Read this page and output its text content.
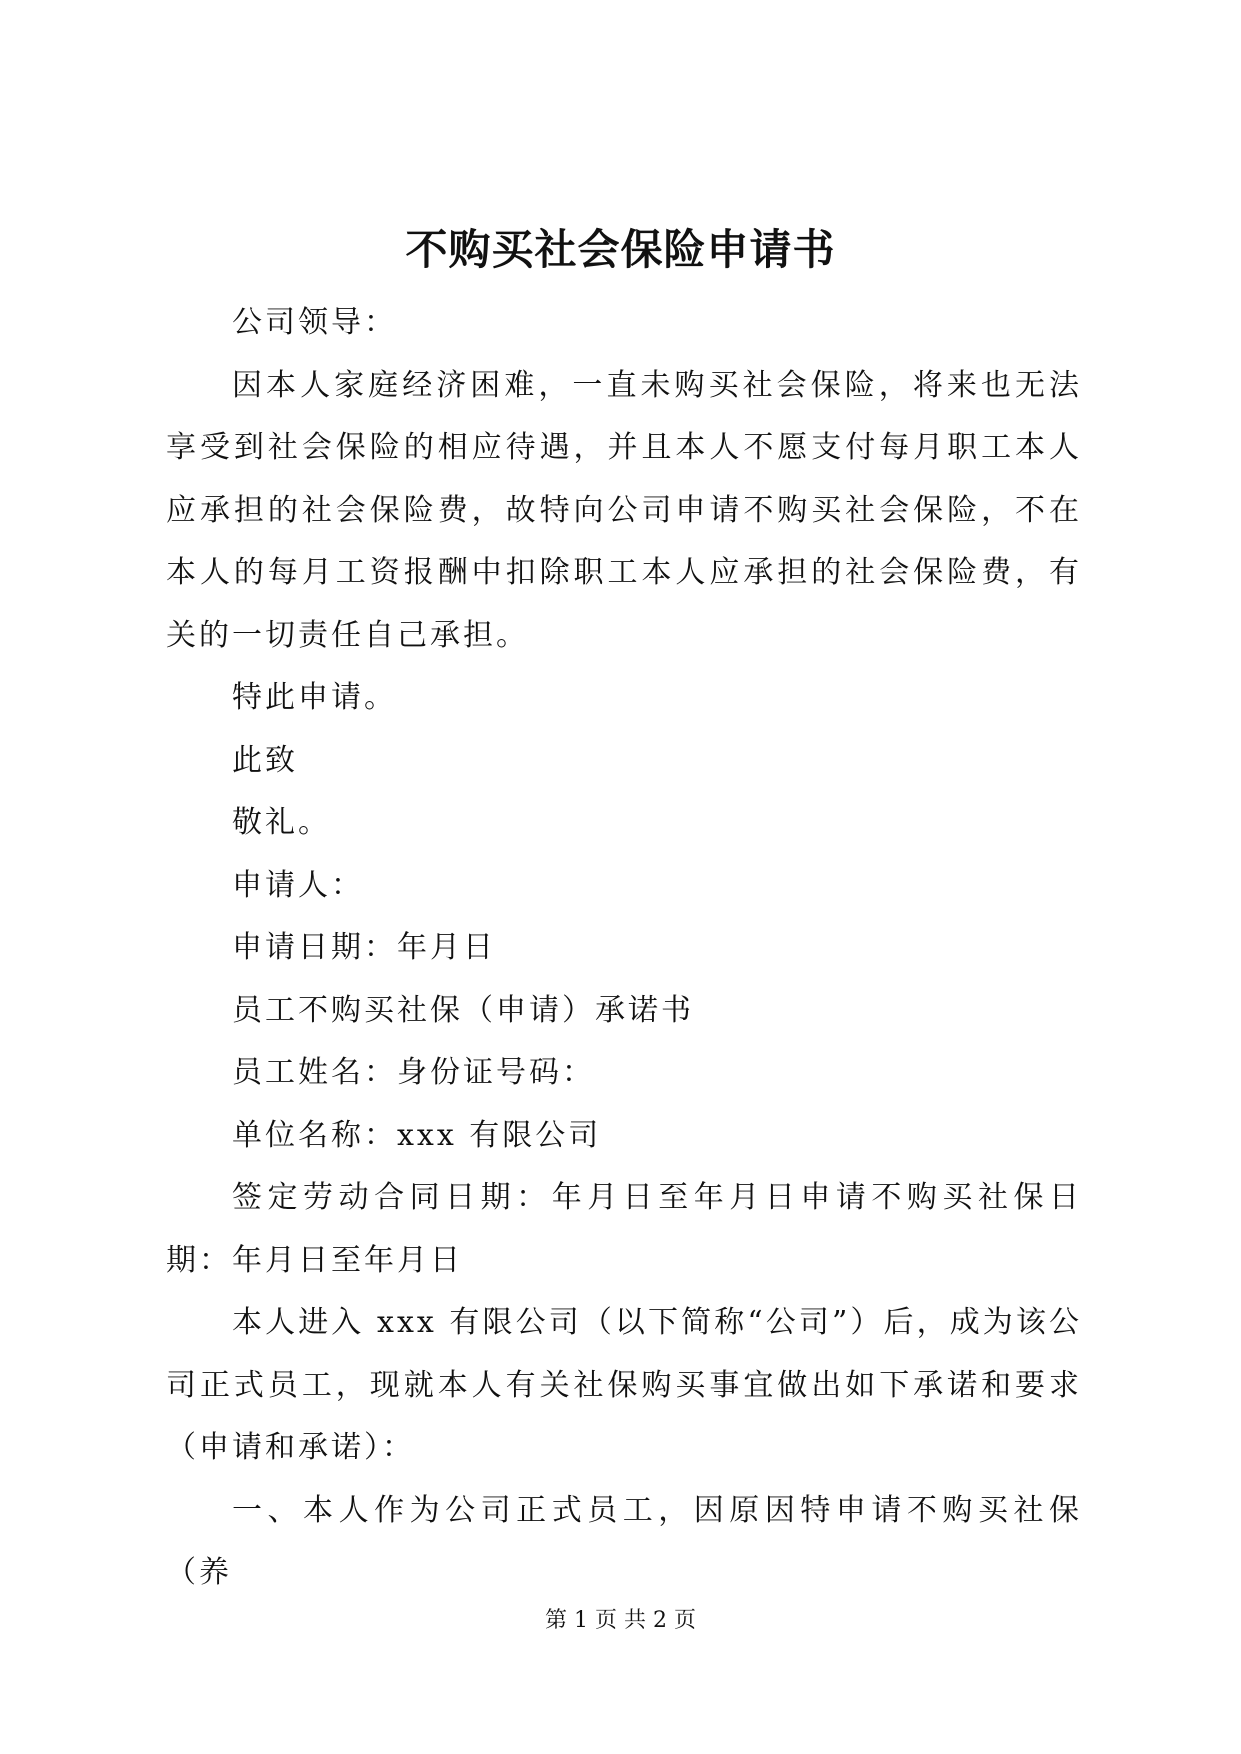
不购买社会保险申请书

公司领导：

因本人家庭经济困难，一直未购买社会保险，将来也无法享受到社会保险的相应待遇，并且本人不愿支付每月职工本人应承担的社会保险费，故特向公司申请不购买社会保险，不在本人的每月工资报酬中扣除职工本人应承担的社会保险费，有关的一切责任自己承担。

特此申请。

此致

敬礼。

申请人：

申请日期：年月日

员工不购买社保（申请）承诺书

员工姓名：身份证号码：

单位名称：xxx 有限公司

签定劳动合同日期：年月日至年月日申请不购买社保日期：年月日至年月日

本人进入 xxx 有限公司（以下简称“公司”）后，成为该公司正式员工，现就本人有关社保购买事宜做出如下承诺和要求（申请和承诺）：

一、本人作为公司正式员工，因原因特申请不购买社保（养

第 1 页 共 2 页
